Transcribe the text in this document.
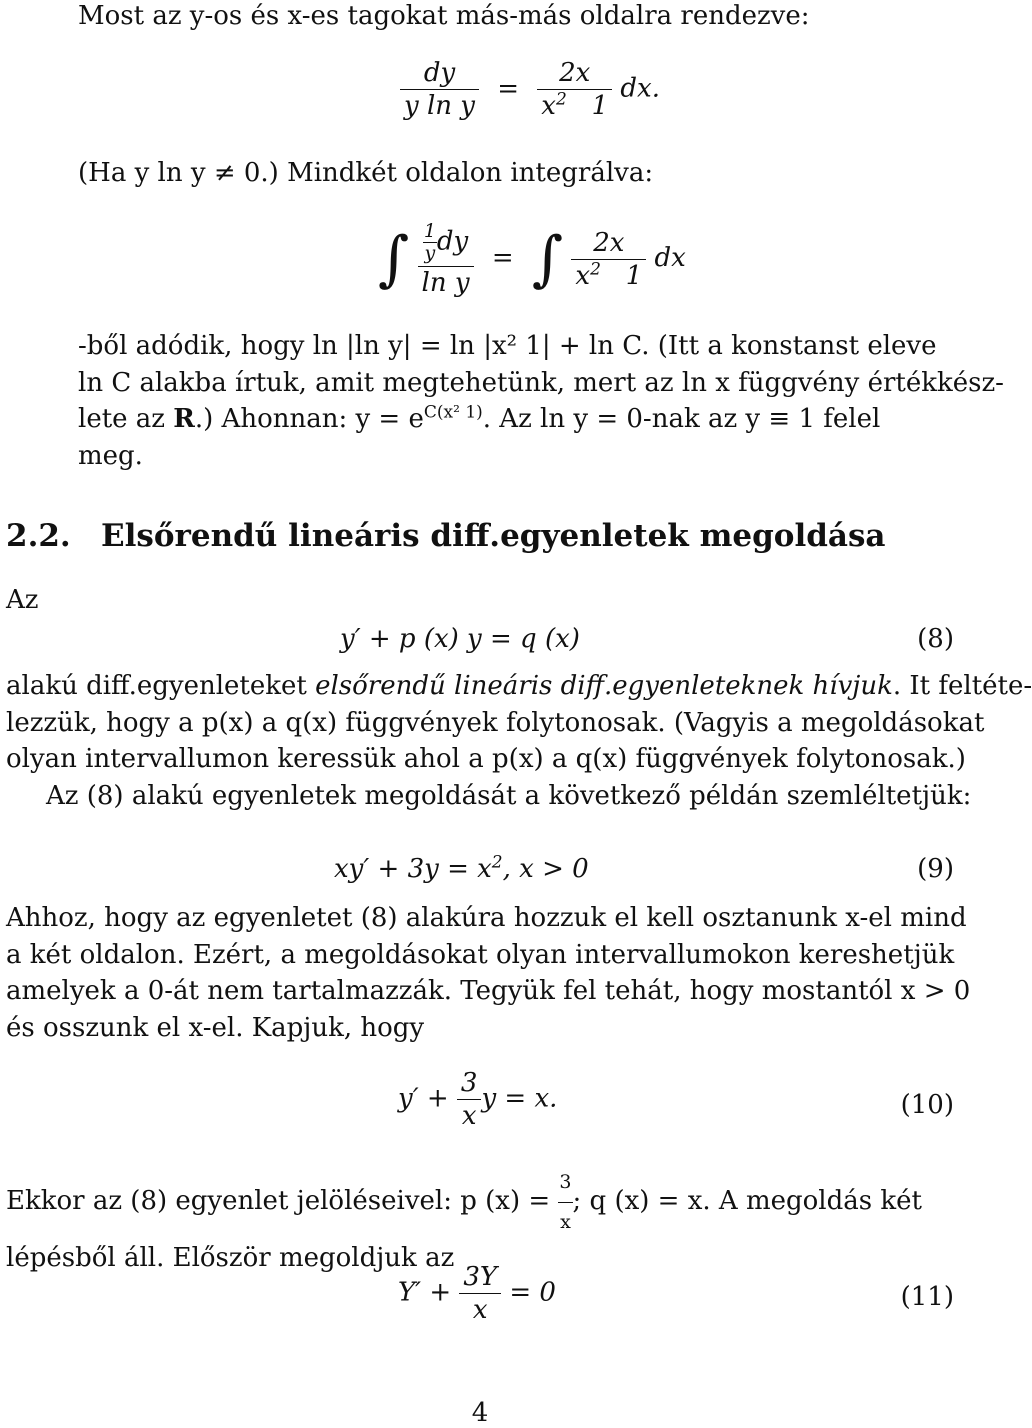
Most az y-os és x-es tagokat más-más oldalra rendezve:
$\frac{dy}{\text{y ln y}} = \frac{2x}{x^2 1}$ dx.
(Ha y ln y ≠ 0.) Mindkét oldalon integrálva:
∫ $\frac{\frac{1}{y} dy}{\text{ln y}}$ = ∫ $\frac{2x}{x^2 1}$ dx
-ből adódik, hogy ln |ln y| = ln |x² 1| + ln C. (Itt a konstanst eleve
ln C alakba írtuk, amit megtehetünk, mert az ln x függvény értékkész-
lete az R.) Ahonnan: $y = e^{C(x^2 1)}$. Az ln y = 0-nak az y ≡ 1 felel
meg.
2.2. Elsőrendű lineáris diff.egyenletek megoldása
Az
y′ + p (x) y = q (x)	(8)
alakú diff.egyenleteket elsőrendű lineáris diff.egyenleteknek hívjuk. It feltéte-
lezzük, hogy a p(x) a q(x) függvények folytonosak. (Vagyis a megoldásokat
olyan intervallumon keressük ahol a p(x) a q(x) függvények folytonosak.)
Az (8) alakú egyenletek megoldását a következő példán szemléltetjük:
$xy' + 3y = x^2$, x > 0	(9)
Ahhoz, hogy az egyenletet (8) alakúra hozzuk el kell osztanunk x-el mind
a két oldalon. Ezért, a megoldásokat olyan intervallumokon kereshetjük
amelyek a 0-át nem tartalmazzák. Tegyük fel tehát, hogy mostantól x > 0
és osszunk el x-el. Kapjuk, hogy
$y' + \frac{3}{x}$ y = x.	(10)
Ekkor az (8) egyenlet jelöléseivel: p $(x) = \frac{3}{x}$ ; q (x) = x. A megoldás két
lépésből áll. Először megoldjuk az
$Y' + \frac{3Y}{x} = 0$	(11)
4
